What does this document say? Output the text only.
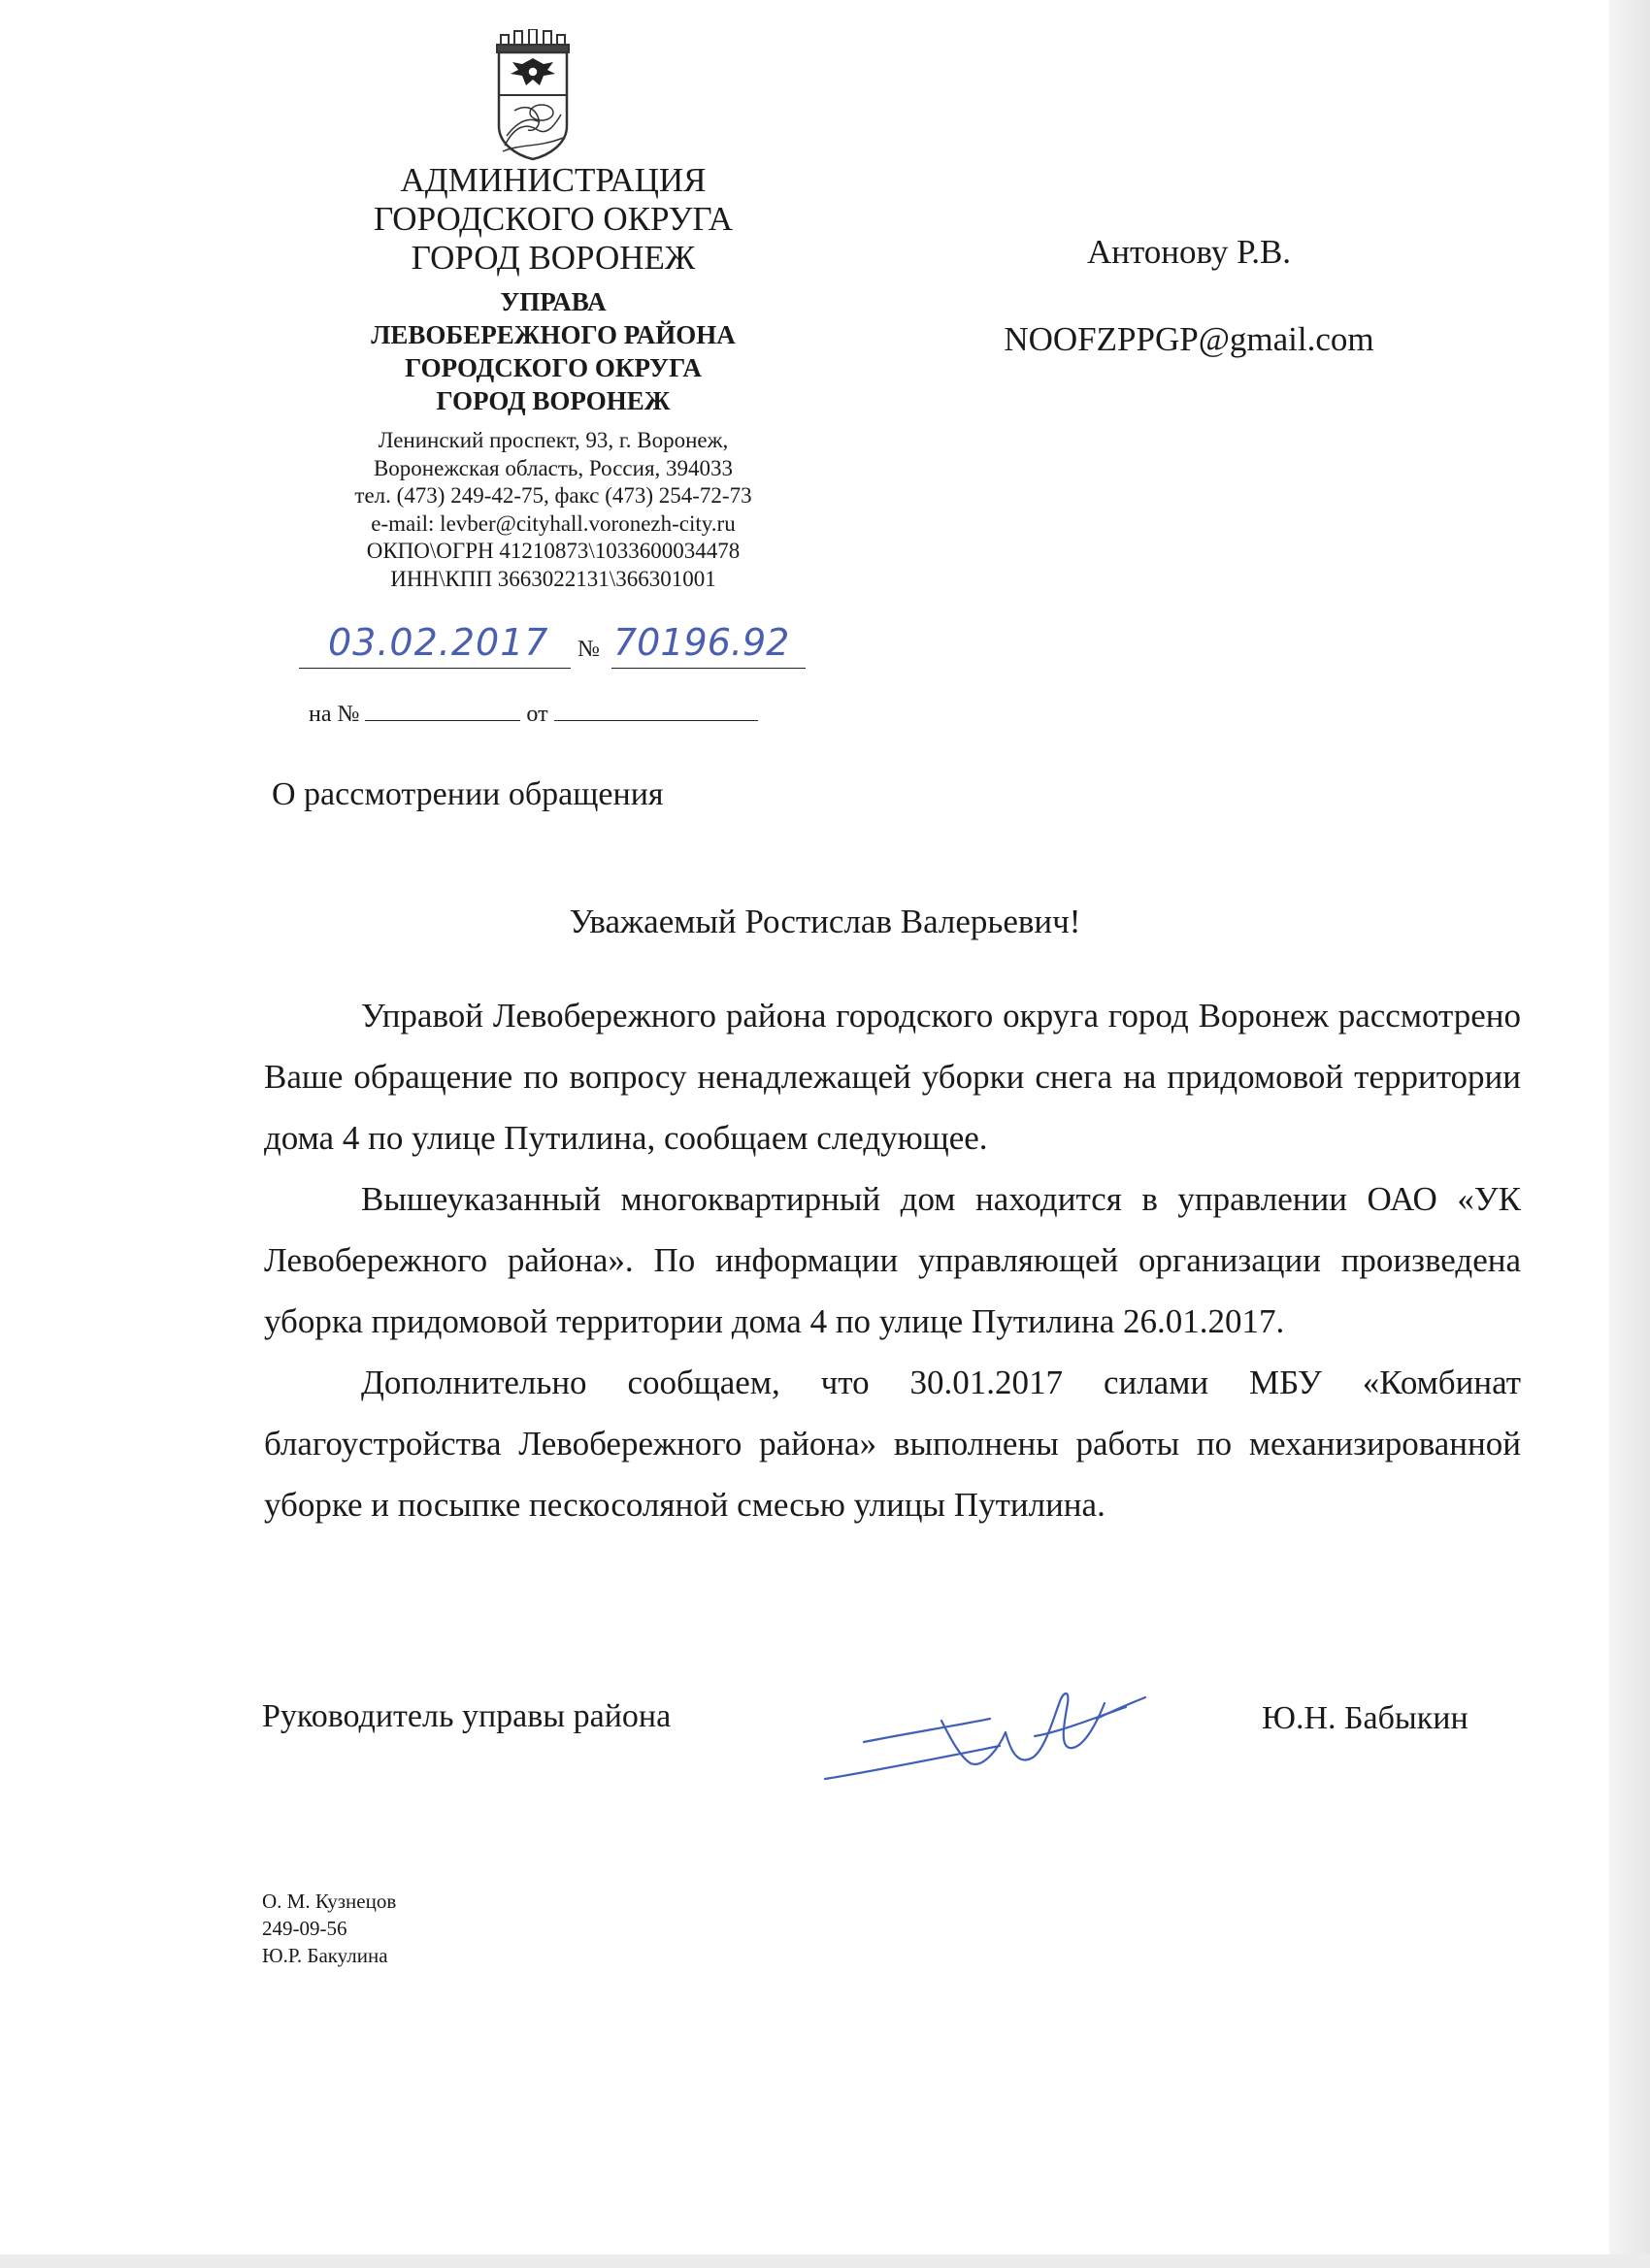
АДМИНИСТРАЦИЯ
ГОРОДСКОГО ОКРУГА
ГОРОД ВОРОНЕЖ
УПРАВА
ЛЕВОБЕРЕЖНОГО РАЙОНА
ГОРОДСКОГО ОКРУГА
ГОРОД ВОРОНЕЖ
Ленинский проспект, 93, г. Воронеж,
Воронежская область, Россия, 394033
тел. (473) 249-42-75, факс (473) 254-72-73
e-mail: levber@cityhall.voronezh-city.ru
ОКПО\ОГРН 41210873\1033600034478
ИНН\КПП 3663022131\366301001
Антонову Р.В.
NOOFZPPGP@gmail.com
03.02.2017 № 70196.92
на №	от
О рассмотрении обращения
Уважаемый Ростислав Валерьевич!

Управой Левобережного района городского округа город Воронеж рассмотрено Ваше обращение по вопросу ненадлежащей уборки снега на придомовой территории дома 4 по улице Путилина, сообщаем следующее.

Вышеуказанный многоквартирный дом находится в управлении ОАО «УК Левобережного района». По информации управляющей организации произведена уборка придомовой территории дома 4 по улице Путилина 26.01.2017.

Дополнительно сообщаем, что 30.01.2017 силами МБУ «Комбинат благоустройства Левобережного района» выполнены работы по механизированной уборке и посыпке пескосоляной смесью улицы Путилина.

Руководитель управы района	Ю.Н. Бабыкин
О. М. Кузнецов
249-09-56
Ю.Р. Бакулина
